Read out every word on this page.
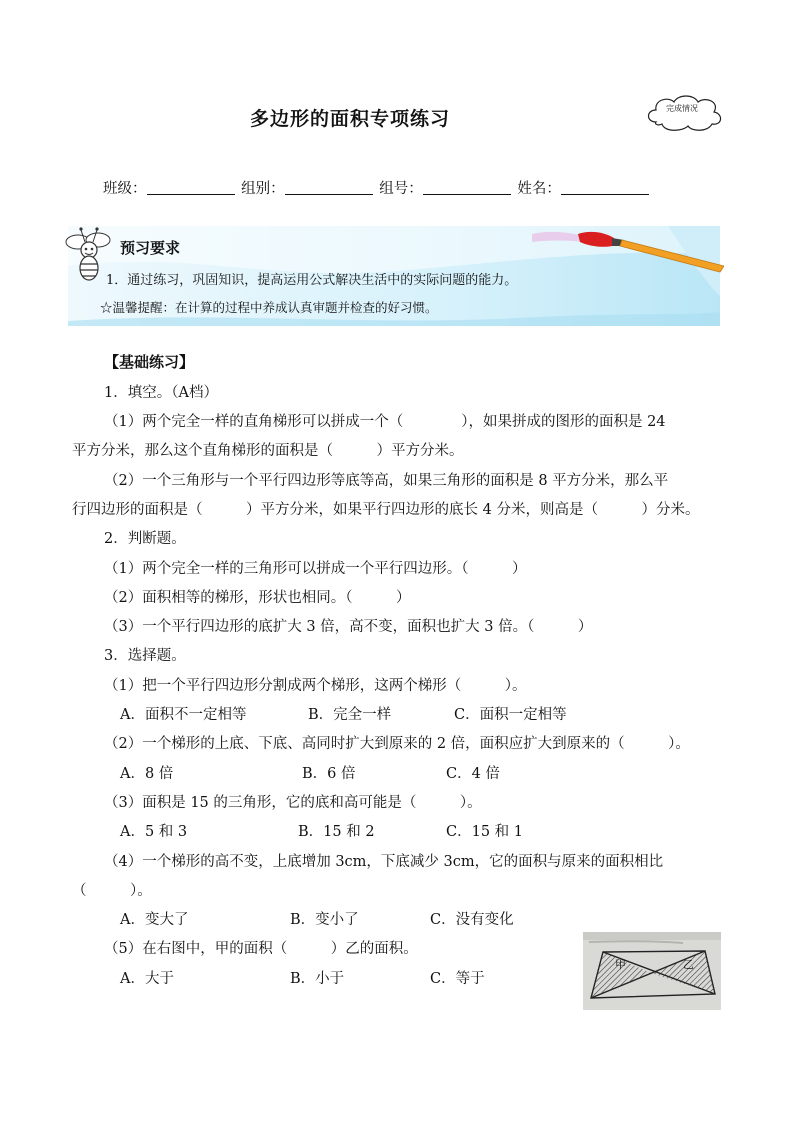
多边形的面积专项练习	完成情况
班级：	组别：	组号：	姓名：
预习要求
1．通过练习，巩固知识，提高运用公式解决生活中的实际问题的能力。
☆温馨提醒：在计算的过程中养成认真审题并检查的好习惯。
【基础练习】
1．填空。（A档）
（1）两个完全一样的直角梯形可以拼成一个（　　　　），如果拼成的图形的面积是 24
平方分米，那么这个直角梯形的面积是（　　　）平方分米。
（2）一个三角形与一个平行四边形等底等高，如果三角形的面积是 8 平方分米，那么平
行四边形的面积是（　　　）平方分米，如果平行四边形的底长 4 分米，则高是（　　　）分米。
2．判断题。
（1）两个完全一样的三角形可以拼成一个平行四边形。（　　　）
（2）面积相等的梯形，形状也相同。（　　　）
（3）一个平行四边形的底扩大 3 倍，高不变，面积也扩大 3 倍。（　　　）
3．选择题。
（1）把一个平行四边形分割成两个梯形，这两个梯形（　　　）。
A．面积不一定相等	B．完全一样	C．面积一定相等
（2）一个梯形的上底、下底、高同时扩大到原来的 2 倍，面积应扩大到原来的（　　　）。
A．8 倍	B．6 倍	C．4 倍
（3）面积是 15 的三角形，它的底和高可能是（　　　）。
A．5 和 3	B．15 和 2	C．15 和 1
（4）一个梯形的高不变，上底增加 3cm，下底减少 3cm，它的面积与原来的面积相比
（　　　）。
A．变大了	B．变小了	C．没有变化
（5）在右图中，甲的面积（　　　）乙的面积。
A．大于	B．小于	C．等于
甲	乙
